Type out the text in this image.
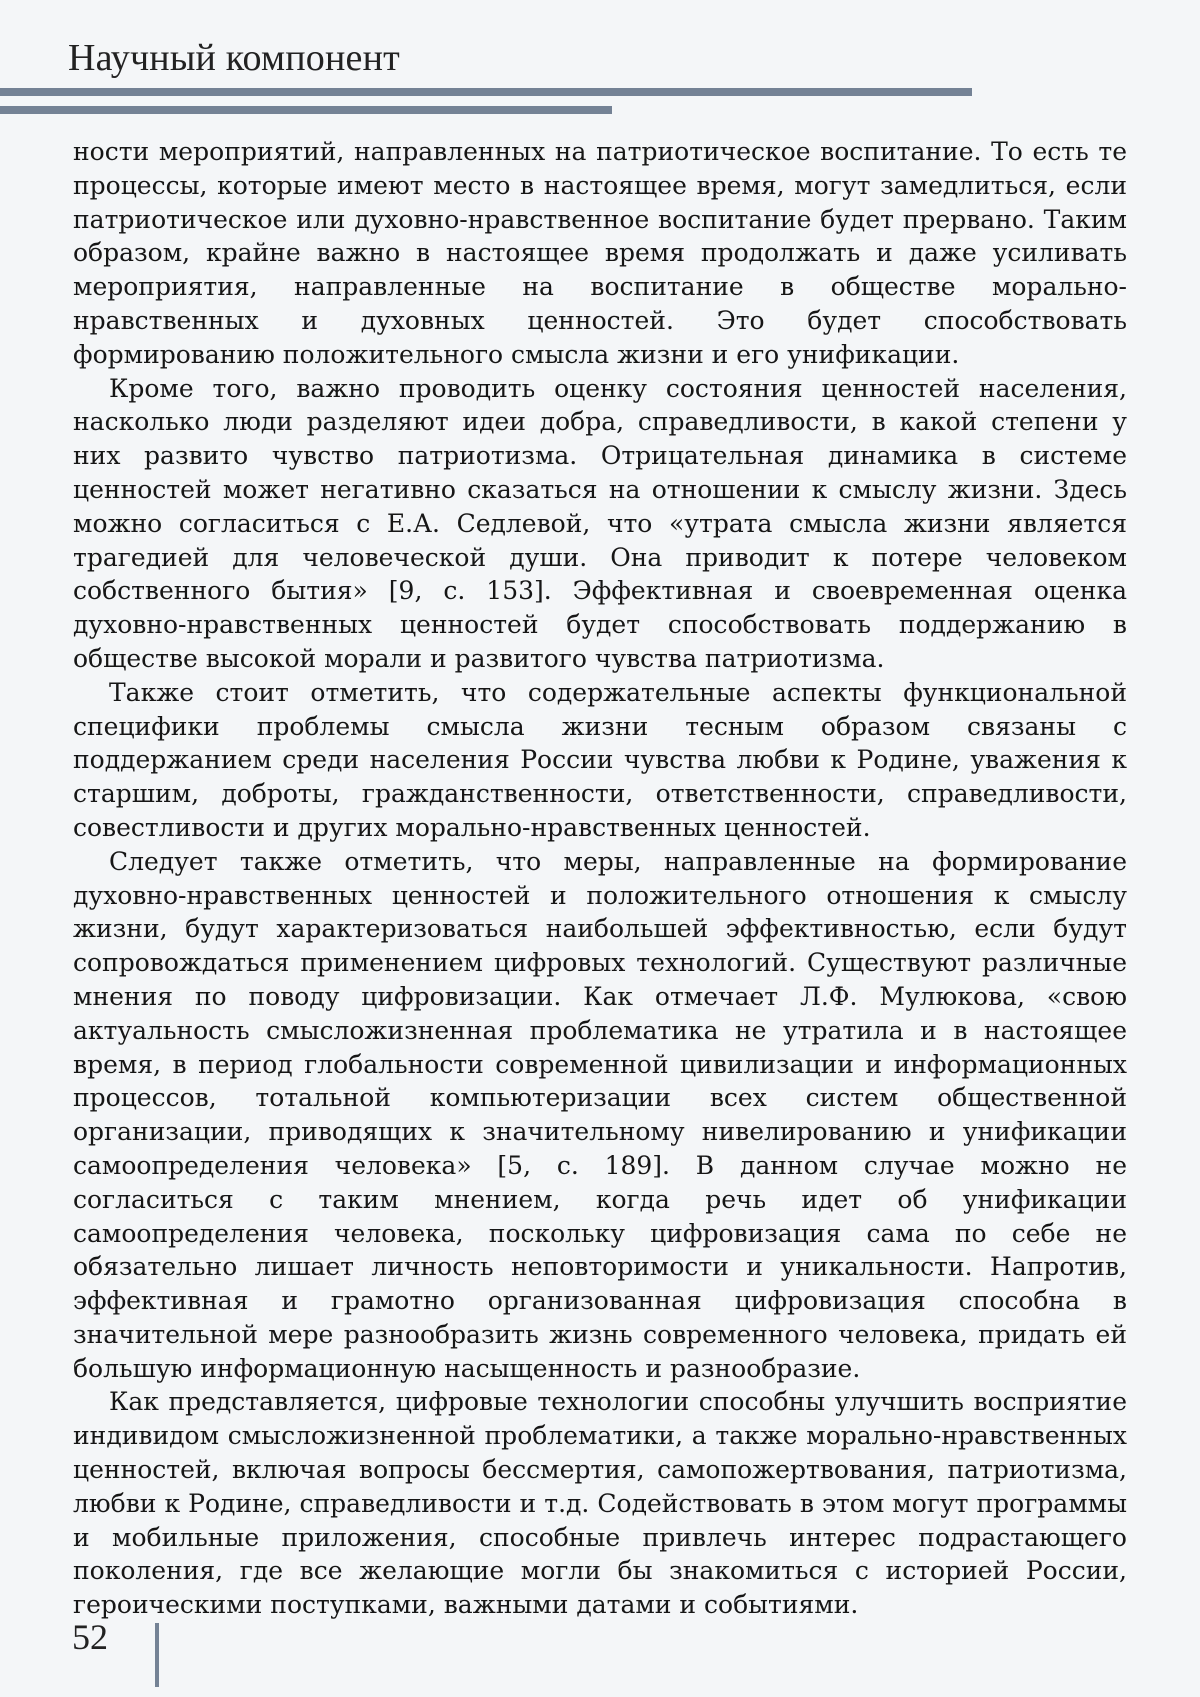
Научный компонент

ности мероприятий, направленных на патриотическое воспитание. То есть те процессы, которые имеют место в настоящее время, могут замедлиться, если патриотическое или духовно-нравственное воспитание будет прервано. Таким образом, крайне важно в настоящее время продолжать и даже усиливать мероприятия, направленные на воспитание в обществе морально-нравственных и духовных ценностей. Это будет способствовать формированию положительного смысла жизни и его унификации.

Кроме того, важно проводить оценку состояния ценностей населения, насколько люди разделяют идеи добра, справедливости, в какой степени у них развито чувство патриотизма. Отрицательная динамика в системе ценностей может негативно сказаться на отношении к смыслу жизни. Здесь можно согласиться с Е.А. Седлевой, что «утрата смысла жизни является трагедией для человеческой души. Она приводит к потере человеком собственного бытия» [9, с. 153]. Эффективная и своевременная оценка духовно-нравственных ценностей будет способствовать поддержанию в обществе высокой морали и развитого чувства патриотизма.

Также стоит отметить, что содержательные аспекты функциональной специфики проблемы смысла жизни тесным образом связаны с поддержанием среди населения России чувства любви к Родине, уважения к старшим, доброты, гражданственности, ответственности, справедливости, совестливости и других морально-нравственных ценностей.

Следует также отметить, что меры, направленные на формирование духовно-нравственных ценностей и положительного отношения к смыслу жизни, будут характеризоваться наибольшей эффективностью, если будут сопровождаться применением цифровых технологий. Существуют различные мнения по поводу цифровизации. Как отмечает Л.Ф. Мулюкова, «свою актуальность смысложизненная проблематика не утратила и в настоящее время, в период глобальности современной цивилизации и информационных процессов, тотальной компьютеризации всех систем общественной организации, приводящих к значительному нивелированию и унификации самоопределения человека» [5, с. 189]. В данном случае можно не согласиться с таким мнением, когда речь идет об унификации самоопределения человека, поскольку цифровизация сама по себе не обязательно лишает личность неповторимости и уникальности. Напротив, эффективная и грамотно организованная цифровизация способна в значительной мере разнообразить жизнь современного человека, придать ей большую информационную насыщенность и разнообразие.

Как представляется, цифровые технологии способны улучшить восприятие индивидом смысложизненной проблематики, а также морально-нравственных ценностей, включая вопросы бессмертия, самопожертвования, патриотизма, любви к Родине, справедливости и т.д. Содействовать в этом могут программы и мобильные приложения, способные привлечь интерес подрастающего поколения, где все желающие могли бы знакомиться с историей России, героическими поступками, важными датами и событиями.

52
